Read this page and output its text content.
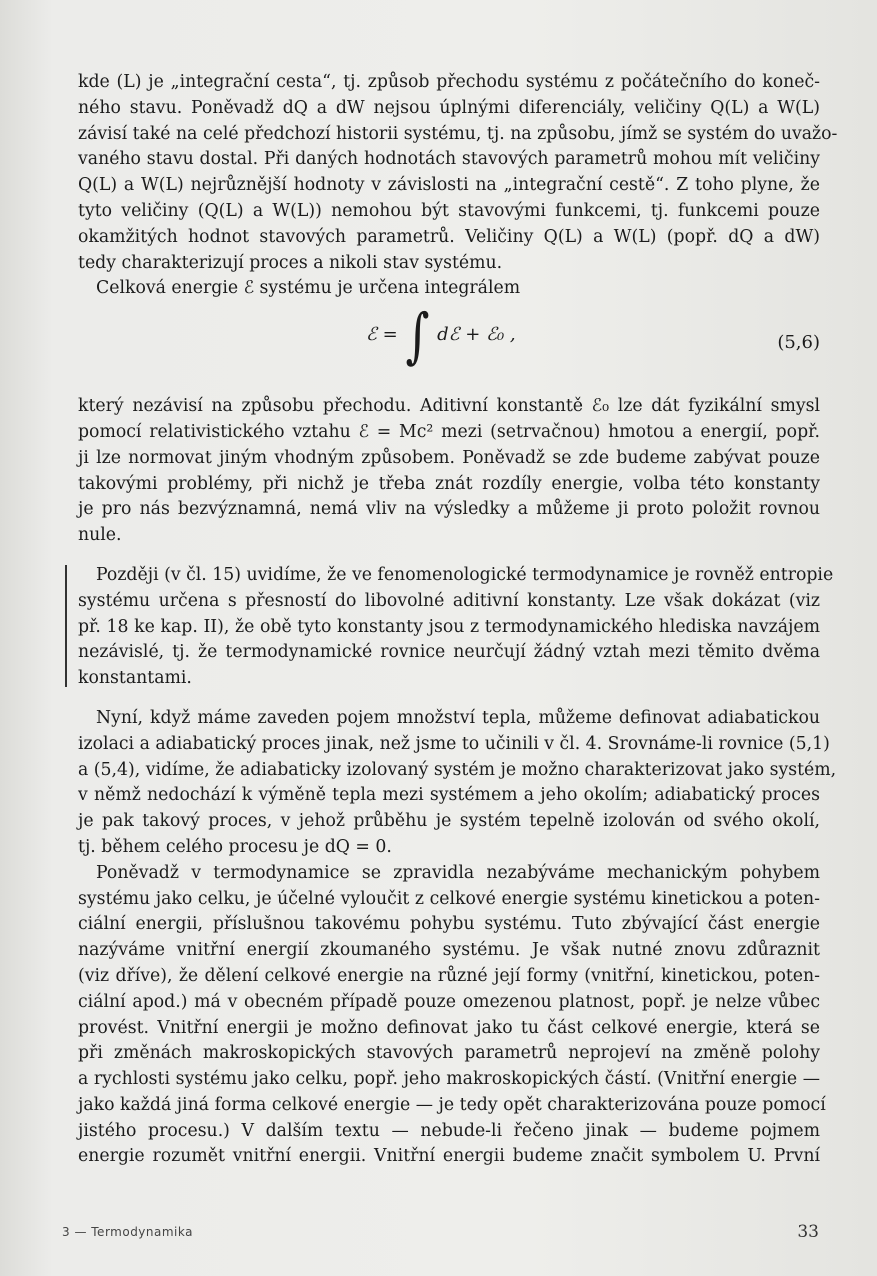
kde (L) je „integrační cesta“, tj. způsob přechodu systému z počátečního do koneč-
ného stavu. Poněvadž dQ a dW nejsou úplnými diferenciály, veličiny Q(L) a W(L)
závisí také na celé předchozí historii systému, tj. na způsobu, jímž se systém do uvažo-
vaného stavu dostal. Při daných hodnotách stavových parametrů mohou mít veličiny
Q(L) a W(L) nejrůznější hodnoty v závislosti na „integrační cestě“. Z toho plyne, že
tyto veličiny (Q(L) a W(L)) nemohou být stavovými funkcemi, tj. funkcemi pouze
okamžitých hodnot stavových parametrů. Veličiny Q(L) a W(L) (popř. dQ a dW)
tedy charakterizují proces a nikoli stav systému.

Celková energie ℰ systému je určena integrálem

ℰ = ∫ dℰ + ℰ₀ ,	(5,6)

který nezávisí na způsobu přechodu. Aditivní konstantě ℰ₀ lze dát fyzikální smysl
pomocí relativistického vztahu ℰ = Mc² mezi (setrvačnou) hmotou a energií, popř.
ji lze normovat jiným vhodným způsobem. Poněvadž se zde budeme zabývat pouze
takovými problémy, při nichž je třeba znát rozdíly energie, volba této konstanty
je pro nás bezvýznamná, nemá vliv na výsledky a můžeme ji proto položit rovnou
nule.

Později (v čl. 15) uvidíme, že ve fenomenologické termodynamice je rovněž entropie
systému určena s přesností do libovolné aditivní konstanty. Lze však dokázat (viz
př. 18 ke kap. II), že obě tyto konstanty jsou z termodynamického hlediska navzájem
nezávislé, tj. že termodynamické rovnice neurčují žádný vztah mezi těmito dvěma
konstantami.

Nyní, když máme zaveden pojem množství tepla, můžeme definovat adiabatickou
izolaci a adiabatický proces jinak, než jsme to učinili v čl. 4. Srovnáme-li rovnice (5,1)
a (5,4), vidíme, že adiabaticky izolovaný systém je možno charakterizovat jako systém,
v němž nedochází k výměně tepla mezi systémem a jeho okolím; adiabatický proces
je pak takový proces, v jehož průběhu je systém tepelně izolován od svého okolí,
tj. během celého procesu je dQ = 0.

Poněvadž v termodynamice se zpravidla nezabýváme mechanickým pohybem
systému jako celku, je účelné vyloučit z celkové energie systému kinetickou a poten-
ciální energii, příslušnou takovému pohybu systému. Tuto zbývající část energie
nazýváme vnitřní energií zkoumaného systému. Je však nutné znovu zdůraznit
(viz dříve), že dělení celkové energie na různé její formy (vnitřní, kinetickou, poten-
ciální apod.) má v obecném případě pouze omezenou platnost, popř. je nelze vůbec
provést. Vnitřní energii je možno definovat jako tu část celkové energie, která se
při změnách makroskopických stavových parametrů neprojeví na změně polohy
a rychlosti systému jako celku, popř. jeho makroskopických částí. (Vnitřní energie —
jako každá jiná forma celkové energie — je tedy opět charakterizována pouze pomocí
jistého procesu.) V dalším textu — nebude-li řečeno jinak — budeme pojmem
energie rozumět vnitřní energii. Vnitřní energii budeme značit symbolem U. První

3 — Termodynamika	33
